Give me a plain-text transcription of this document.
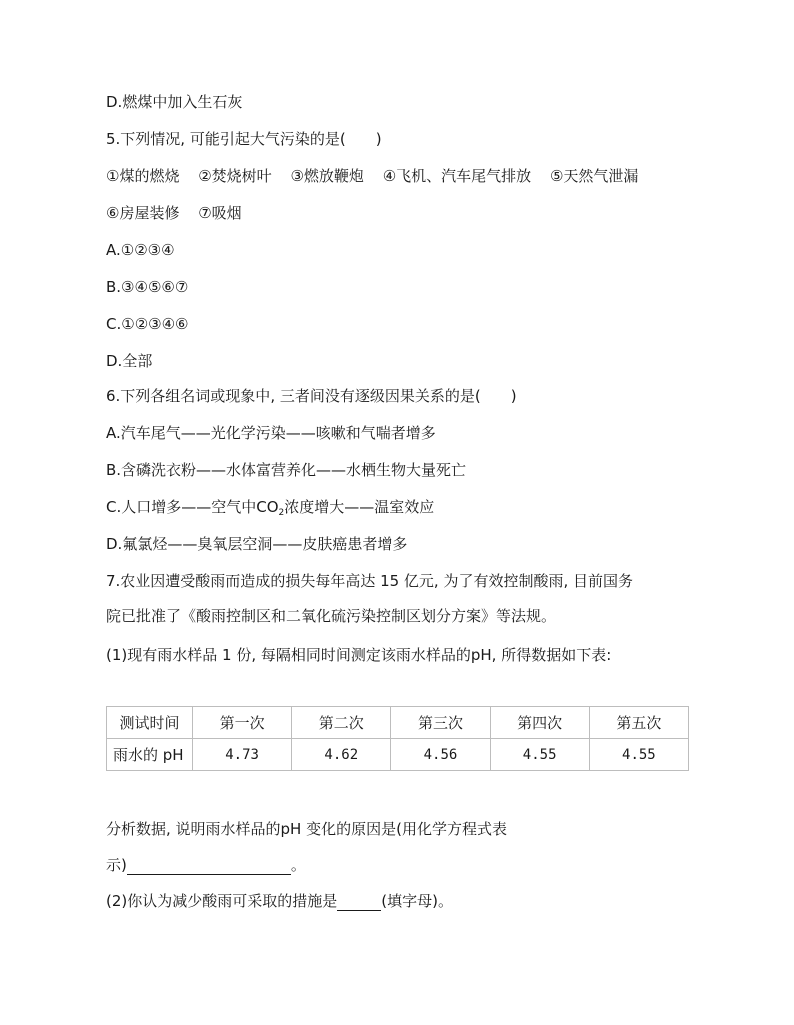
D.燃煤中加入生石灰
5.下列情况, 可能引起大气污染的是(　　)
①煤的燃烧 ②焚烧树叶 ③燃放鞭炮 ④飞机、汽车尾气排放 ⑤天然气泄漏
⑥房屋装修 ⑦吸烟
A.①②③④
B.③④⑤⑥⑦
C.①②③④⑥
D.全部
6.下列各组名词或现象中, 三者间没有逐级因果关系的是(　　)
A.汽车尾气——光化学污染——咳嗽和气喘者增多
B.含磷洗衣粉——水体富营养化——水栖生物大量死亡
C.人口增多——空气中$CO_2$浓度增大——温室效应
D.氟氯烃——臭氧层空洞——皮肤癌患者增多
7.农业因遭受酸雨而造成的损失每年高达 15 亿元, 为了有效控制酸雨, 目前国务
院已批准了《酸雨控制区和二氧化硫污染控制区划分方案》等法规。
(1)现有雨水样品 1 份, 每隔相同时间测定该雨水样品的pH, 所得数据如下表:
测试时间	第一次	第二次	第三次	第四次	第五次
雨水的 pH	4.73	4.62	4.56	4.55	4.55
分析数据, 说明雨水样品的pH 变化的原因是(用化学方程式表
示)	。
(2)你认为减少酸雨可采取的措施是	(填字母)。
